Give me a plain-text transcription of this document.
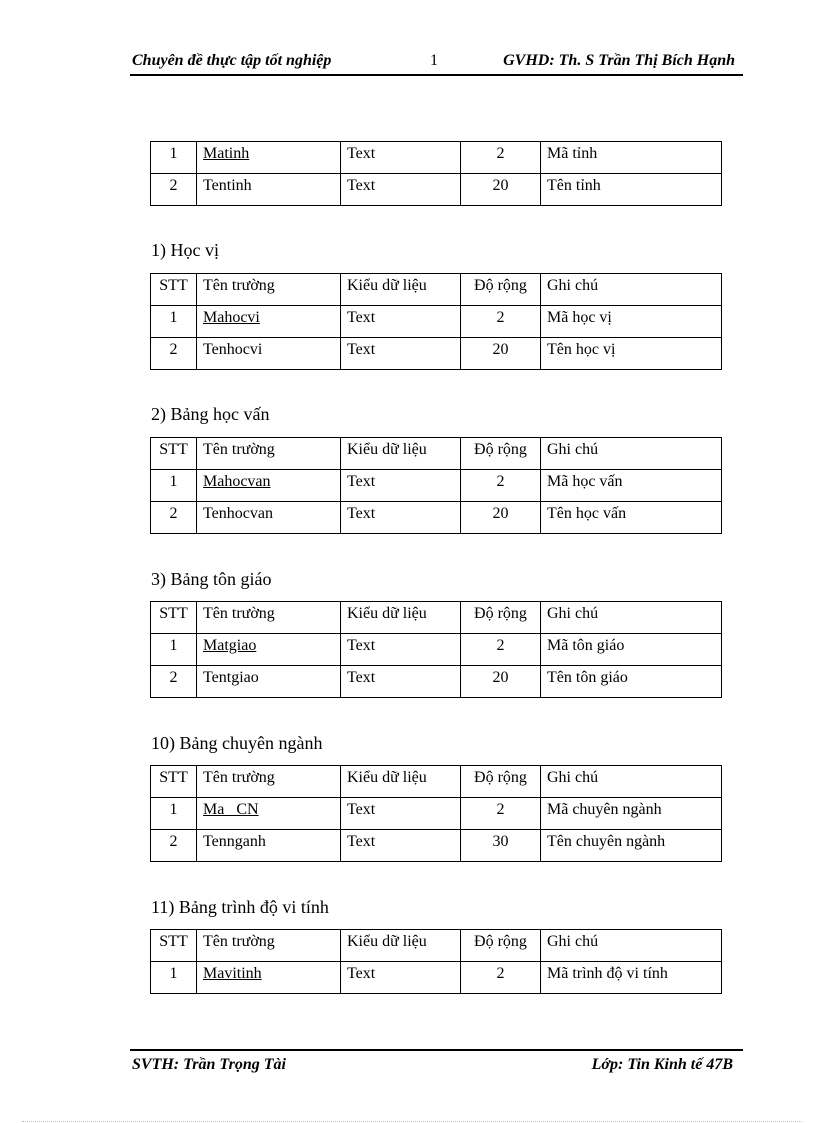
Chuyên đề thực tập tốt nghiệp	1	GVHD: Th. S Trần Thị Bích Hạnh
1	Matinh	Text	2	Mã tỉnh
2	Tentinh	Text	20	Tên tỉnh
1) Học vị
STT	Tên trường	Kiểu dữ liệu	Độ rộng	Ghi chú
1	Mahocvi	Text	2	Mã học vị
2	Tenhocvi	Text	20	Tên học vị
2) Bảng học vấn
STT	Tên trường	Kiểu dữ liệu	Độ rộng	Ghi chú
1	Mahocvan	Text	2	Mã học vấn
2	Tenhocvan	Text	20	Tên học vấn
3) Bảng tôn giáo
STT	Tên trường	Kiểu dữ liệu	Độ rộng	Ghi chú
1	Matgiao	Text	2	Mã tôn giáo
2	Tentgiao	Text	20	Tên tôn giáo
10) Bảng chuyên ngành
STT	Tên trường	Kiểu dữ liệu	Độ rộng	Ghi chú
1	Ma_ CN	Text	2	Mã chuyên ngành
2	Tennganh	Text	30	Tên chuyên ngành
11) Bảng trình độ vi tính
STT	Tên trường	Kiểu dữ liệu	Độ rộng	Ghi chú
1	Mavitinh	Text	2	Mã trình độ vi tính
SVTH: Trần Trọng Tài	Lớp: Tin Kinh tế 47B
